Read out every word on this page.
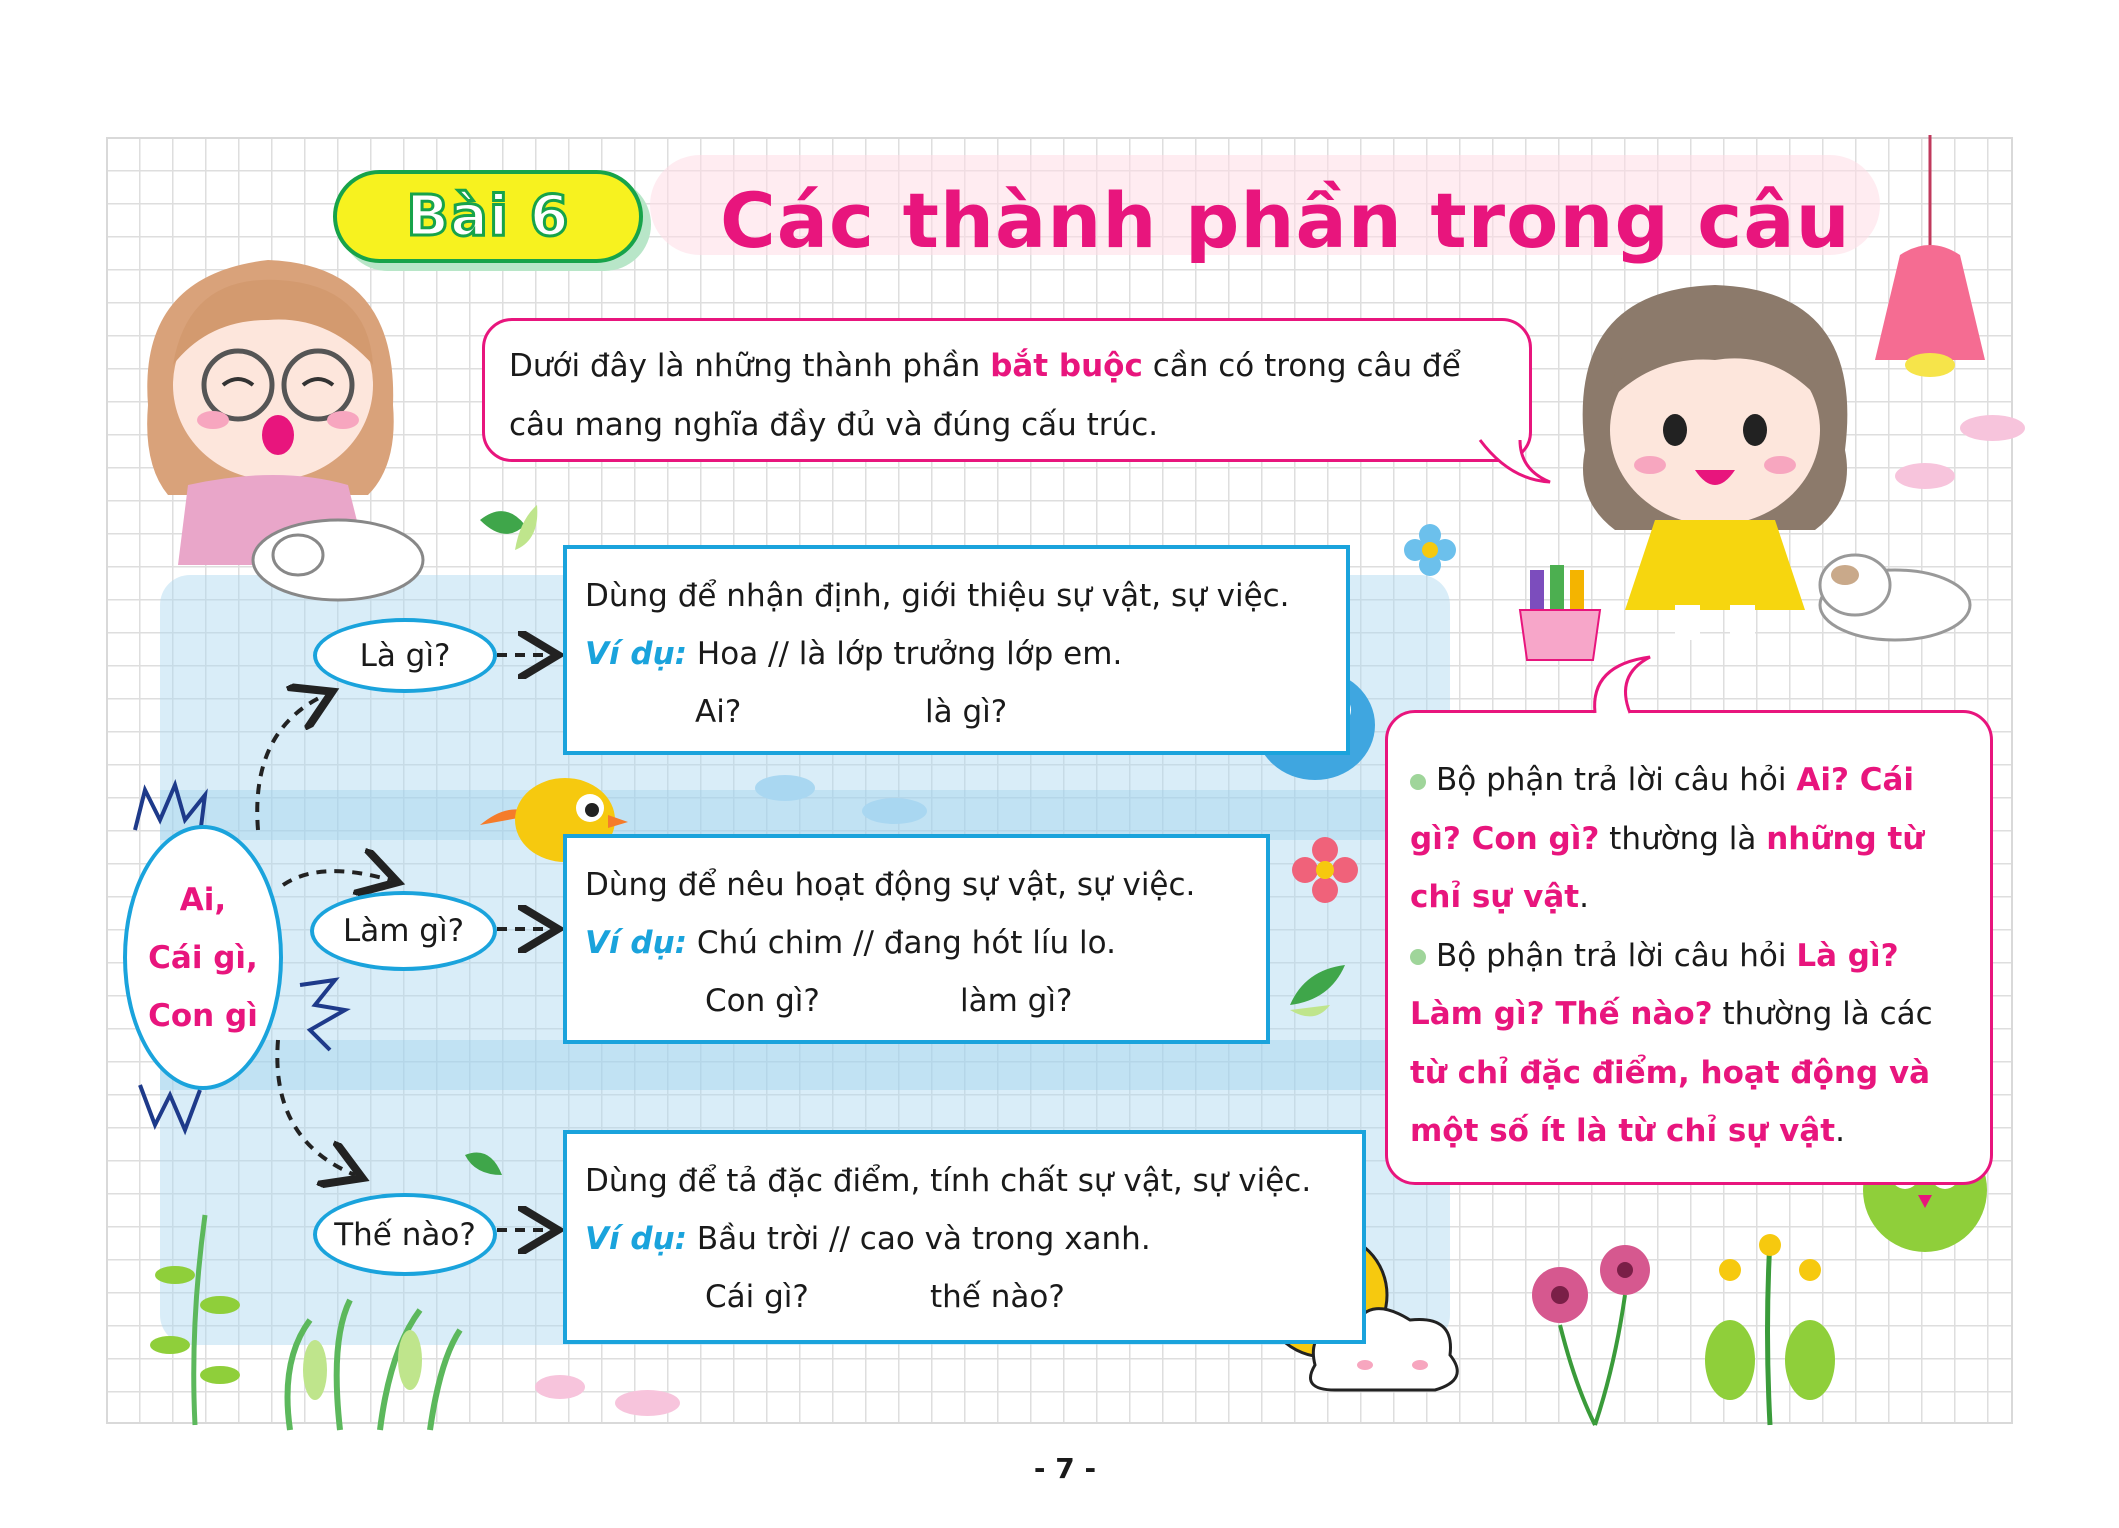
Bài 6 Các thành phần trong câu
Dưới đây là những thành phần bắt buộc cần có trong câu để
câu mang nghĩa đầy đủ và đúng cấu trúc.
Ai,
Cái gì,
Con gì
Là gì?
Làm gì?
Thế nào?
Dùng để nhận định, giới thiệu sự vật, sự việc.
Ví dụ: Hoa // là lớp trưởng lớp em.
Ai?	là gì?
Dùng để nêu hoạt động sự vật, sự việc.
Ví dụ: Chú chim // đang hót líu lo.
Con gì?	làm gì?
Dùng để tả đặc điểm, tính chất sự vật, sự việc.
Ví dụ: Bầu trời // cao và trong xanh.
Cái gì?	thế nào?
Bộ phận trả lời câu hỏi Ai? Cái
gì? Con gì? thường là những từ
chỉ sự vật.
Bộ phận trả lời câu hỏi Là gì?
Làm gì? Thế nào? thường là các
từ chỉ đặc điểm, hoạt động và
một số ít là từ chỉ sự vật.
- 7 -
